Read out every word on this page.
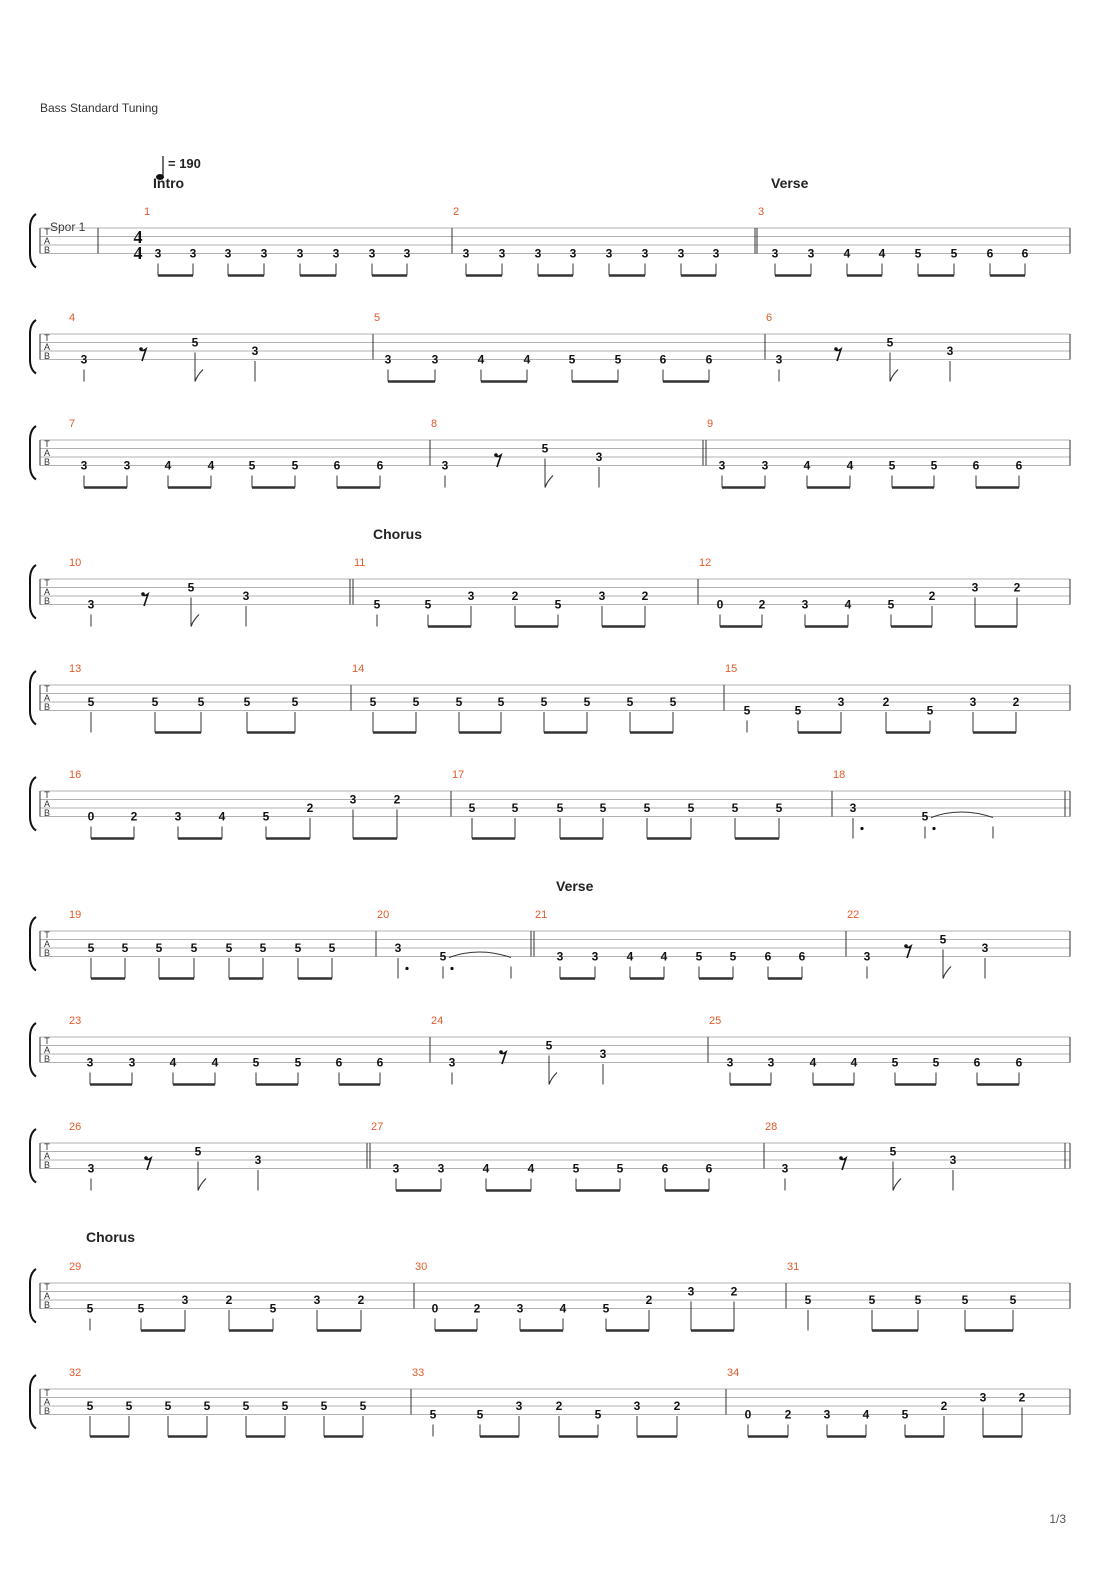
Bass Standard Tuning
= 190
Intro	Verse
Chorus
Verse
Chorus
Spor 1
1/3
T
A
B
4
4
1
3 3 3 3 3 3 3 3
2
3 3 3 3 3 3 3 3
3
3 3 4 4 5 5 6 6
T
A
B
4
3
5
3
5
3	3	4	4	5	5	6	6
6
3
5
3
T
A
B
7
3	3	4	4	5	5	6	6
8
3
5
3
9
3	3	4	4	5	5	6	6
T
A
B
10
3
5
3
11
5	5
3	2
5
3	2
12
0	2	3	4	5
2
3	2
T
A
B
13
5	5	5	5	5
14
5	5	5	5	5	5	5	5
15
5	5
3	2
5
3	2
T
A
B
16
0	2	3	4	5
2
3	2
17
5	5	5	5	5	5	5	5
18
3
5
T
A
B
19
5 5 5 5 5 5 5 5
20
3
5
21
3 3 4 4 5 5 6 6
22
3
5
3
T
A
B
23
3	3	4	4	5	5	6	6
24
3
5
3
25
3	3	4	4	5	5	6	6
T
A
B
26
3
5
3
27
3	3	4	4	5	5	6	6
28
3
5
3
T
A
B
29
5	5
3	2
5
3	2
30
0	2	3	4	5
2
3	2
31
5	5	5	5	5
T
A
B
32
5	5	5	5	5	5	5	5
33
5	5
3	2
5
3	2
34
0	2	3	4	5
2
3	2
